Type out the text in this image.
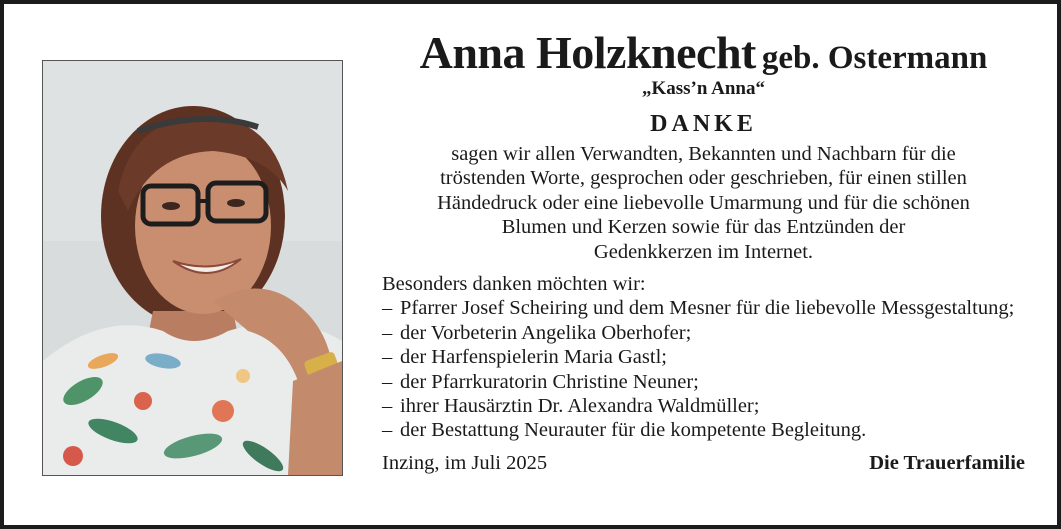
Anna Holzknecht geb. Ostermann
„Kass’n Anna“
DANKE
sagen wir allen Verwandten, Bekannten und Nachbarn für die
tröstenden Worte, gesprochen oder geschrieben, für einen stillen
Händedruck oder eine liebevolle Umarmung und für die schönen
Blumen und Kerzen sowie für das Entzünden der
Gedenkkerzen im Internet.
Besonders danken möchten wir:
– Pfarrer Josef Scheiring und dem Mesner für die liebevolle Messgestaltung;
– der Vorbeterin Angelika Oberhofer;
– der Harfenspielerin Maria Gastl;
– der Pfarrkuratorin Christine Neuner;
– ihrer Hausärztin Dr. Alexandra Waldmüller;
– der Bestattung Neurauter für die kompetente Begleitung.
Inzing, im Juli 2025	Die Trauerfamilie
